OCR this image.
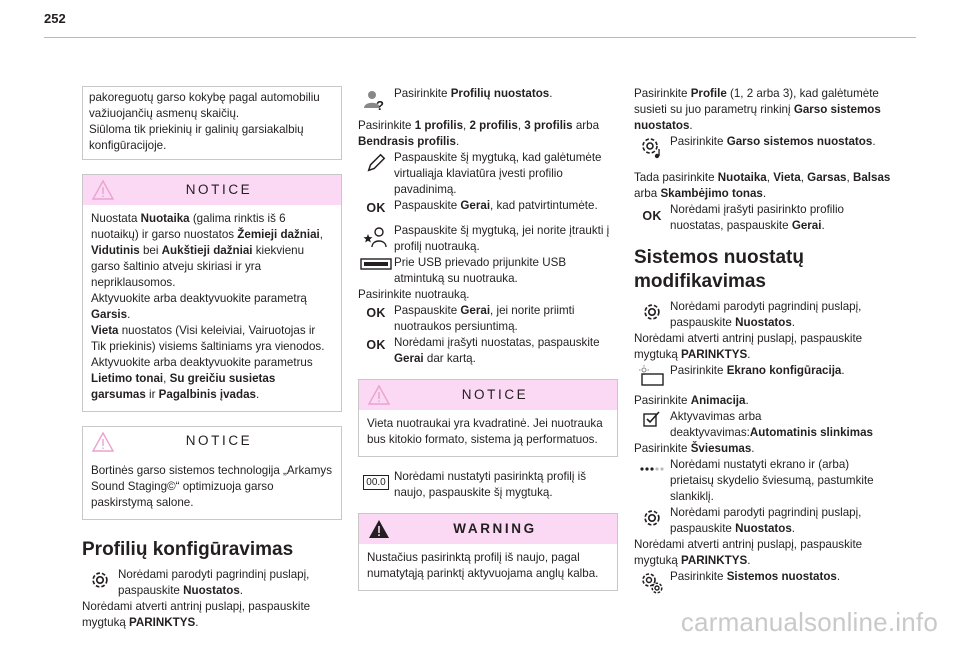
252
pakoreguotų garso kokybę pagal automobiliu važiuojančių asmenų skaičių.
Siūloma tik priekinių ir galinių garsiakalbių konfigūracijoje.
NOTICE
Nuostata Nuotaika (galima rinktis iš 6 nuotaikų) ir garso nuostatos Žemieji dažniai, Vidutinis bei Aukštieji dažniai kiekvienu garso šaltinio atveju skiriasi ir yra nepriklausomos.
Aktyvuokite arba deaktyvuokite parametrą Garsis.
Vieta nuostatos (Visi keleiviai, Vairuotojas ir Tik priekinis) visiems šaltiniams yra vienodos.
Aktyvuokite arba deaktyvuokite parametrus Lietimo tonai, Su greičiu susietas garsumas ir Pagalbinis įvadas.
NOTICE
Bortinės garso sistemos technologija „Arkamys Sound Staging©“ optimizuoja garso paskirstymą salone.
Profilių konfigūravimas
Norėdami parodyti pagrindinį puslapį, paspauskite Nuostatos.
Norėdami atverti antrinį puslapį, paspauskite mygtuką PARINKTYS.
?
Pasirinkite Profilių nuostatos.
Pasirinkite 1 profilis, 2 profilis, 3 profilis arba Bendrasis profilis.
Paspauskite šį mygtuką, kad galėtumėte virtualiąja klaviatūra įvesti profilio pavadinimą.
OK Paspauskite Gerai, kad patvirtintumėte.
Paspauskite šį mygtuką, jei norite įtraukti į profilį nuotrauką.
Prie USB prievado prijunkite USB atmintuką su nuotrauka.
Pasirinkite nuotrauką.
OK Paspauskite Gerai, jei norite priimti nuotraukos persiuntimą.
OK Norėdami įrašyti nuostatas, paspauskite Gerai dar kartą.
NOTICE
Vieta nuotraukai yra kvadratinė. Jei nuotrauka bus kitokio formato, sistema ją performatuos.
00.0 Norėdami nustatyti pasirinktą profilį iš naujo, paspauskite šį mygtuką.
WARNING
Nustačius pasirinktą profilį iš naujo, pagal numatytąją parinktį aktyvuojama anglų kalba.
Pasirinkite Profile (1, 2 arba 3), kad galėtumėte susieti su juo parametrų rinkinį Garso sistemos nuostatos.
Pasirinkite Garso sistemos nuostatos.
Tada pasirinkite Nuotaika, Vieta, Garsas, Balsas arba Skambėjimo tonas.
OK Norėdami įrašyti pasirinkto profilio nuostatas, paspauskite Gerai.
Sistemos nuostatų modifikavimas
Norėdami parodyti pagrindinį puslapį, paspauskite Nuostatos.
Norėdami atverti antrinį puslapį, paspauskite mygtuką PARINKTYS.
Pasirinkite Ekrano konfigūracija.
Pasirinkite Animacija.
Aktyvavimas arba deaktyvavimas:Automatinis slinkimas
Pasirinkite Šviesumas.
Norėdami nustatyti ekrano ir (arba) prietaisų skydelio šviesumą, pastumkite slankiklį.
Norėdami parodyti pagrindinį puslapį, paspauskite Nuostatos.
Norėdami atverti antrinį puslapį, paspauskite mygtuką PARINKTYS.
Pasirinkite Sistemos nuostatos.
carmanualsonline.info
